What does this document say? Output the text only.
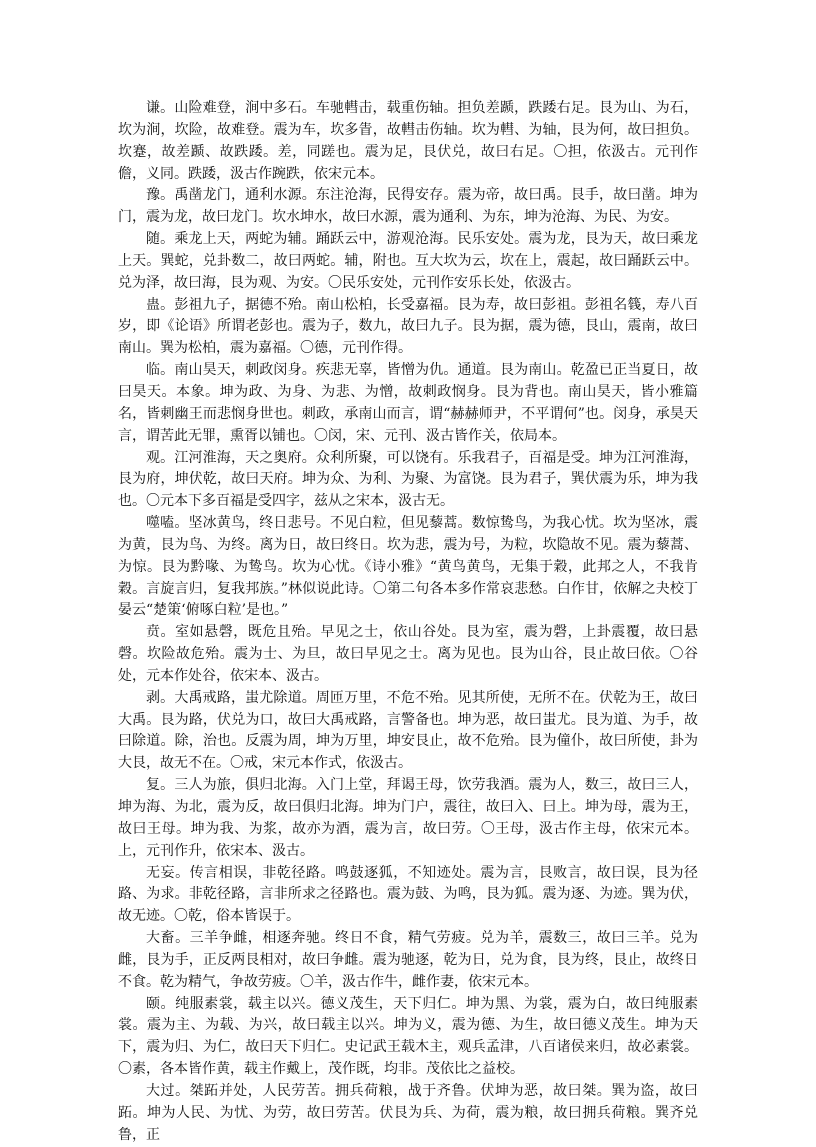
谦。山险难登，涧中多石。车驰轊击，载重伤轴。担负差踬，跌踒右足。艮为山、为石，坎为涧，坎险，故难登。震为车，坎多眚，故轊击伤轴。坎为轊、为轴，艮为何，故曰担负。坎蹇，故差踬、故跌踒。差，同蹉也。震为足，艮伏兑，故曰右足。〇担，依汲古。元刊作儋，义同。跌踒，汲古作踠跌，依宋元本。

豫。禹凿龙门，通利水源。东注沧海，民得安存。震为帝，故曰禹。艮手，故曰凿。坤为门，震为龙，故曰龙门。坎水坤水，故曰水源，震为通利、为东，坤为沧海、为民、为安。

随。乘龙上天，两蛇为辅。踊跃云中，游观沧海。民乐安处。震为龙，艮为天，故曰乘龙上天。巽蛇，兑卦数二，故曰两蛇。辅，附也。互大坎为云，坎在上，震起，故曰踊跃云中。兑为泽，故曰海，艮为观、为安。〇民乐安处，元刊作安乐长处，依汲古。

蛊。彭祖九子，据德不殆。南山松柏，长受嘉福。艮为寿，故曰彭祖。彭祖名篯，寿八百岁，即《论语》所谓老彭也。震为子，数九，故曰九子。艮为据，震为德，艮山，震南，故曰南山。巽为松柏，震为嘉福。〇德，元刊作得。

临。南山昊天，刺政闵身。疾悲无辜，皆憎为仇。通道。艮为南山。乾盈已正当夏日，故曰昊天。本象。坤为政、为身、为悲、为憎，故刺政悯身。艮为背也。南山昊天，皆小雅篇名，皆刺幽王而悲悯身世也。刺政，承南山而言，谓“赫赫师尹，不平谓何”也。闵身，承昊天言，谓苦此无罪，熏胥以铺也。〇闵，宋、元刊、汲古皆作关，依局本。

观。江河淮海，天之奥府。众利所聚，可以饶有。乐我君子，百福是受。坤为江河淮海，艮为府，坤伏乾，故曰天府。坤为众、为利、为聚、为富饶。艮为君子，巽伏震为乐，坤为我也。〇元本下多百福是受四字，兹从之宋本，汲古无。

噬嗑。坚冰黄鸟，终日悲号。不见白粒，但见藜蒿。数惊鸷鸟，为我心忧。坎为坚冰，震为黄，艮为鸟、为终。离为日，故曰终日。坎为悲，震为号，为粒，坎隐故不见。震为藜蒿、为惊。艮为黔喙、为鸷鸟。坎为心忧。《诗小雅》“黄鸟黄鸟，无集于穀，此邦之人，不我肯穀。言旋言归，复我邦族。”林似说此诗。〇第二句各本多作常哀悲愁。白作甘，依解之夬校丁晏云“楚策‘俯啄白粒’是也。”

贲。室如悬磬，既危且殆。早见之士，依山谷处。艮为室，震为磬，上卦震覆，故曰悬磬。坎险故危殆。震为士、为旦，故曰早见之士。离为见也。艮为山谷，艮止故曰依。〇谷处，元本作处谷，依宋本、汲古。

剥。大禹戒路，蚩尤除道。周匝万里，不危不殆。见其所使，无所不在。伏乾为王，故曰大禹。艮为路，伏兑为口，故曰大禹戒路，言警备也。坤为恶，故曰蚩尤。艮为道、为手，故曰除道。除，治也。反震为周，坤为万里，坤安艮止，故不危殆。艮为僮仆，故曰所使，卦为大艮，故无不在。〇戒，宋元本作式，依汲古。

复。三人为旅，俱归北海。入门上堂，拜谒王母，饮劳我酒。震为人，数三，故曰三人，坤为海、为北，震为反，故曰俱归北海。坤为门户，震往，故曰入、曰上。坤为母，震为王，故曰王母。坤为我、为浆，故亦为酒，震为言，故曰劳。〇王母，汲古作主母，依宋元本。上，元刊作升，依宋本、汲古。

无妄。传言相误，非乾径路。鸣鼓逐狐，不知迹处。震为言，艮败言，故曰误，艮为径路、为求。非乾径路，言非所求之径路也。震为鼓、为鸣，艮为狐。震为逐、为迹。巽为伏，故无迹。〇乾，俗本皆误于。

大畜。三羊争雌，相逐奔驰。终日不食，精气劳疲。兑为羊，震数三，故曰三羊。兑为雌，艮为手，正反两艮相对，故曰争雌。震为驰逐，乾为日，兑为食，艮为终，艮止，故终日不食。乾为精气，争故劳疲。〇羊，汲古作牛，雌作妻，依宋元本。

颐。纯服素裳，载主以兴。德义茂生，天下归仁。坤为黑、为裳，震为白，故曰纯服素裳。震为主、为载、为兴，故曰载主以兴。坤为义，震为德、为生，故曰德义茂生。坤为天下，震为归、为仁，故曰天下归仁。史记武王载木主，观兵孟津，八百诸侯来归，故必素裳。〇素，各本皆作黄，载主作戴上，茂作既，均非。茂依比之益校。

大过。桀跖并处，人民劳苦。拥兵荷粮，战于齐鲁。伏坤为恶，故曰桀。巽为盗，故曰跖。坤为人民、为忧、为劳，故曰劳苦。伏艮为兵、为荷，震为粮，故曰拥兵荷粮。巽齐兑鲁，正
